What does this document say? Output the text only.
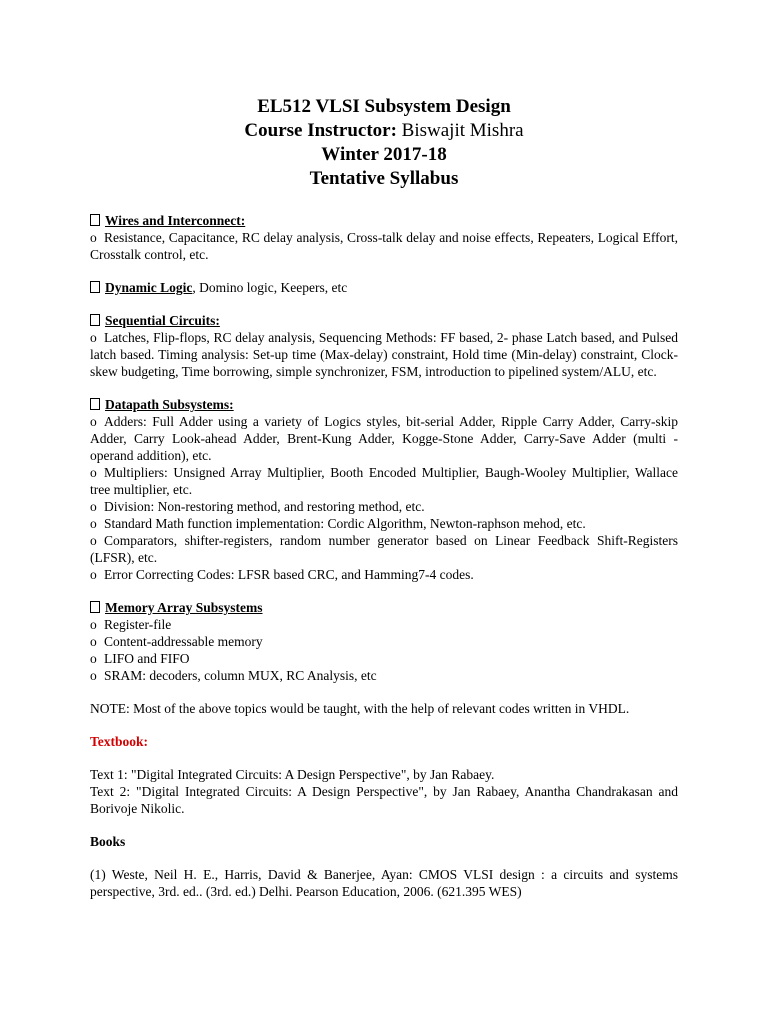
EL512 VLSI Subsystem Design
Course Instructor: Biswajit Mishra
Winter 2017-18
Tentative Syllabus
Wires and Interconnect:

o Resistance, Capacitance, RC delay analysis, Cross-talk delay and noise effects, Repeaters, Logical Effort, Crosstalk control, etc.

Dynamic Logic, Domino logic, Keepers, etc
Sequential Circuits:

o Latches, Flip-flops, RC delay analysis, Sequencing Methods: FF based, 2- phase Latch based, and Pulsed latch based. Timing analysis: Set-up time (Max-delay) constraint, Hold time (Min-delay) constraint, Clock-skew budgeting, Time borrowing, simple synchronizer, FSM, introduction to pipelined system/ALU, etc.

Datapath Subsystems:

o Adders: Full Adder using a variety of Logics styles, bit-serial Adder, Ripple Carry Adder, Carry-skip Adder, Carry Look-ahead Adder, Brent-Kung Adder, Kogge-Stone Adder, Carry-Save Adder (multi - operand addition), etc.

o Multipliers: Unsigned Array Multiplier, Booth Encoded Multiplier, Baugh-Wooley Multiplier, Wallace tree multiplier, etc.

o Division: Non-restoring method, and restoring method, etc.

o Standard Math function implementation: Cordic Algorithm, Newton-raphson mehod, etc.

o Comparators, shifter-registers, random number generator based on Linear Feedback Shift-Registers (LFSR), etc.

o Error Correcting Codes: LFSR based CRC, and Hamming7-4 codes.

Memory Array Subsystems

o Register-file

o Content-addressable memory

o LIFO and FIFO

o SRAM: decoders, column MUX, RC Analysis, etc

NOTE: Most of the above topics would be taught, with the help of relevant codes written in VHDL.

Textbook:

Text 1: "Digital Integrated Circuits: A Design Perspective", by Jan Rabaey.

Text 2: "Digital Integrated Circuits: A Design Perspective", by Jan Rabaey, Anantha Chandrakasan and Borivoje Nikolic.

Books

(1) Weste, Neil H. E., Harris, David & Banerjee, Ayan: CMOS VLSI design : a circuits and systems perspective, 3rd. ed.. (3rd. ed.) Delhi. Pearson Education, 2006. (621.395 WES)
